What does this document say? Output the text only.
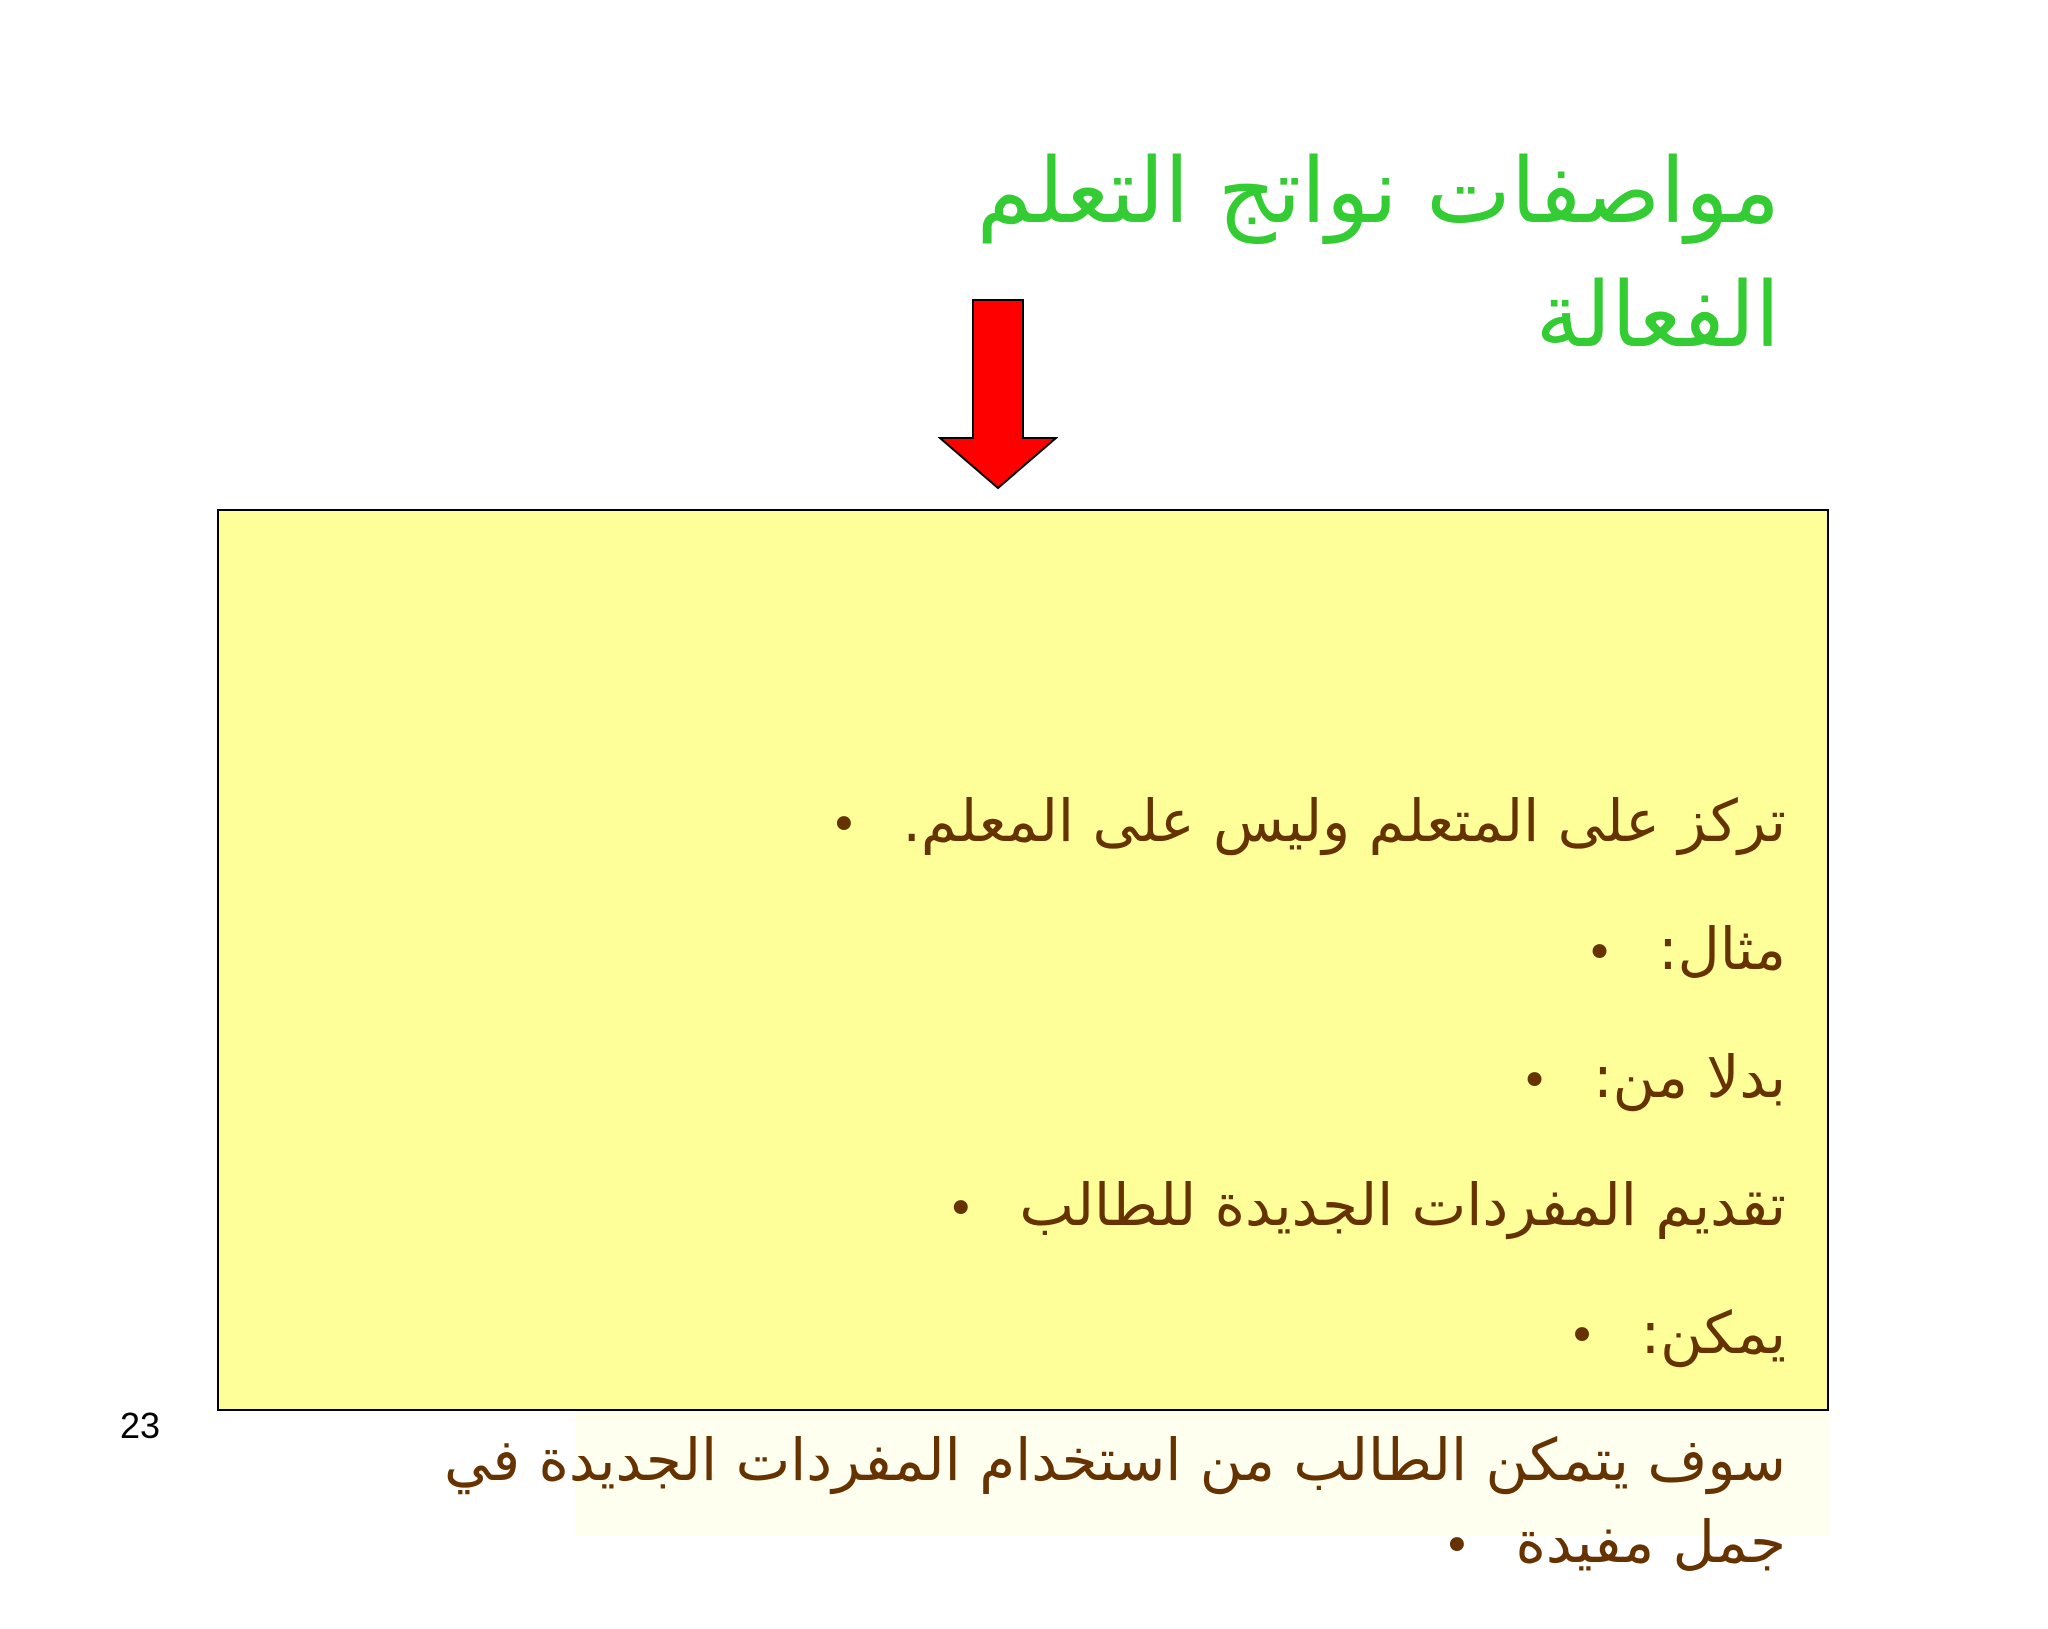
مواصفات نواتج التعلم الفعالة
تركز على المتعلم وليس على المعلم. •
مثال: •
بدلا من: •
تقديم المفردات الجديدة للطالب •
يمكن: •
سوف يتمكن الطالب من استخدام المفردات الجديدة في جمل مفيدة •
23
